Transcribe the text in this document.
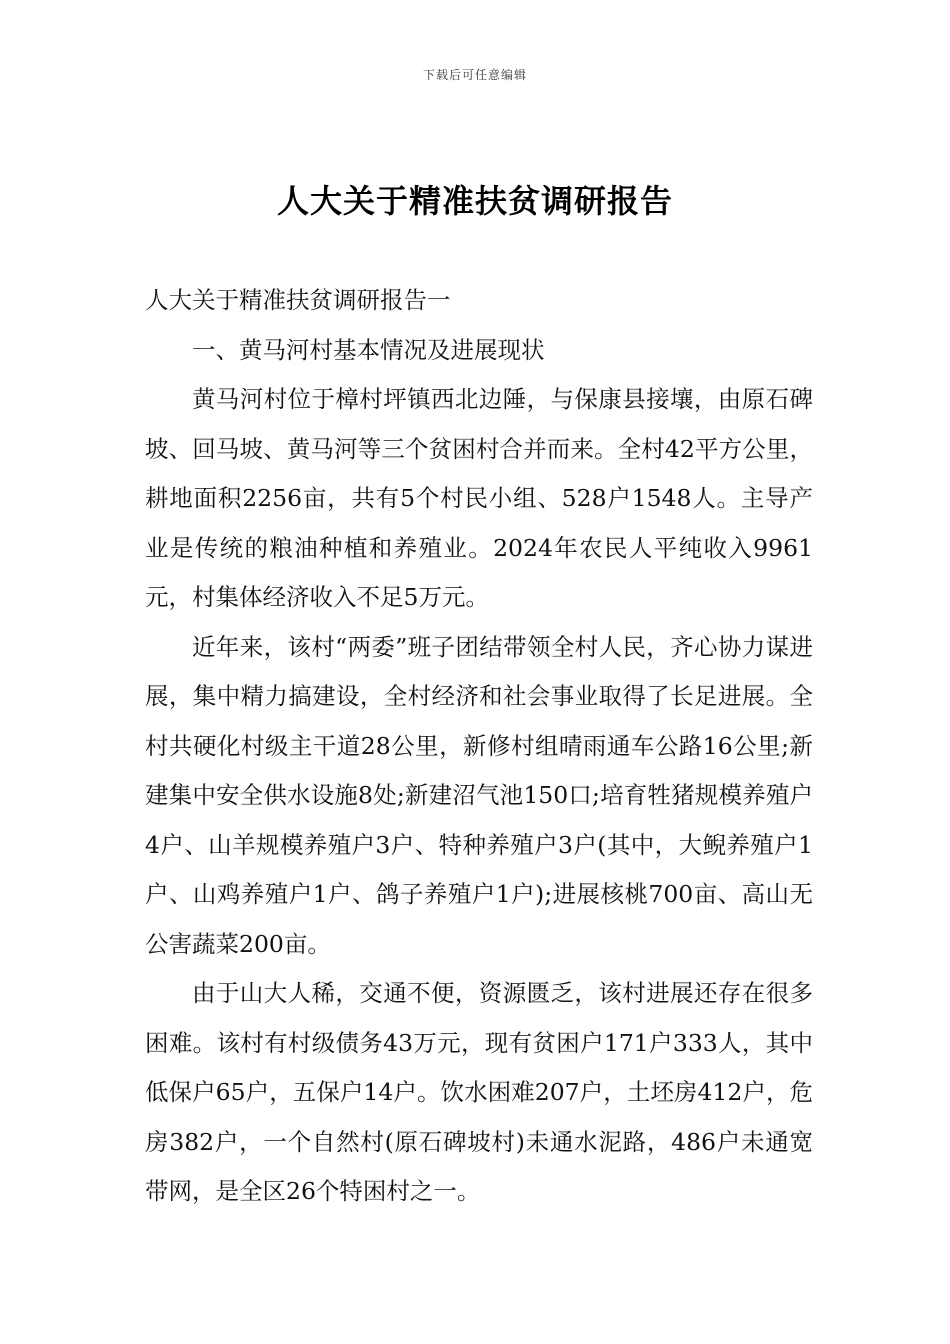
下载后可任意编辑
人大关于精准扶贫调研报告

人大关于精准扶贫调研报告一

一、黄马河村基本情况及进展现状

黄马河村位于樟村坪镇西北边陲，与保康县接壤，由原石碑坡、回马坡、黄马河等三个贫困村合并而来。全村42平方公里，耕地面积2256亩，共有5个村民小组、528户1548人。主导产业是传统的粮油种植和养殖业。2024年农民人平纯收入9961元，村集体经济收入不足5万元。

近年来，该村“两委”班子团结带领全村人民，齐心协力谋进展，集中精力搞建设，全村经济和社会事业取得了长足进展。全村共硬化村级主干道28公里，新修村组晴雨通车公路16公里;新建集中安全供水设施8处;新建沼气池150口;培育牲猪规模养殖户4户、山羊规模养殖户3户、特种养殖户3户(其中，大鲵养殖户1户、山鸡养殖户1户、鸽子养殖户1户);进展核桃700亩、高山无公害蔬菜200亩。

由于山大人稀，交通不便，资源匮乏，该村进展还存在很多困难。该村有村级债务43万元，现有贫困户171户333人，其中低保户65户，五保户14户。饮水困难207户，土坯房412户，危房382户，一个自然村(原石碑坡村)未通水泥路，486户未通宽带网，是全区26个特困村之一。
